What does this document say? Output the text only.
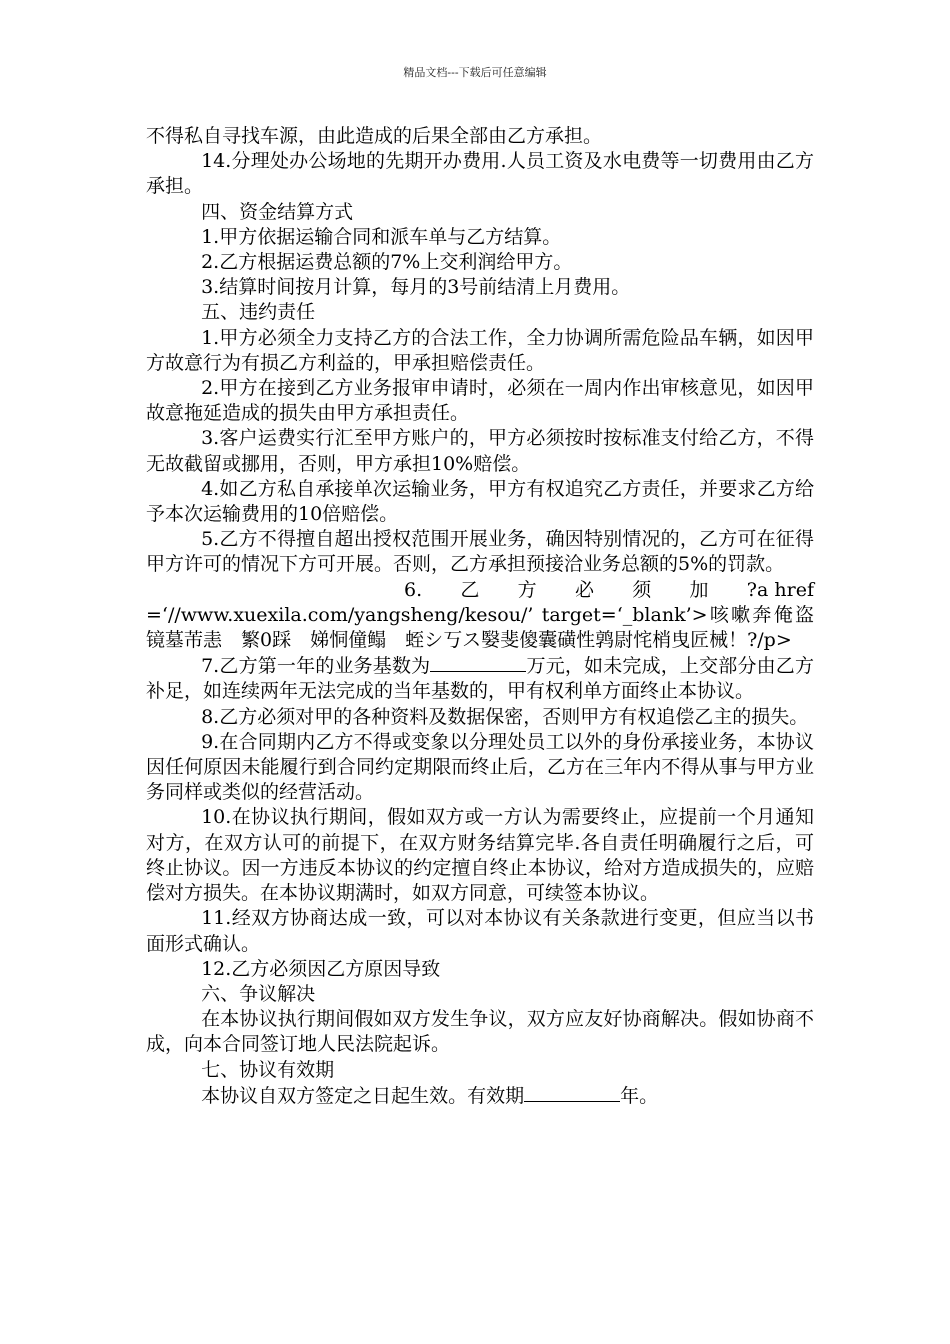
精品文档---下载后可任意编辑

不得私自寻找车源，由此造成的后果全部由乙方承担。

14.分理处办公场地的先期开办费用.人员工资及水电费等一切费用由乙方承担。

四、资金结算方式

1.甲方依据运输合同和派车单与乙方结算。

2.乙方根据运费总额的7%上交利润给甲方。

3.结算时间按月计算，每月的3号前结清上月费用。

五、违约责任

1.甲方必须全力支持乙方的合法工作，全力协调所需危险品车辆，如因甲方故意行为有损乙方利益的，甲承担赔偿责任。

2.甲方在接到乙方业务报审申请时，必须在一周内作出审核意见，如因甲故意拖延造成的损失由甲方承担责任。

3.客户运费实行汇至甲方账户的，甲方必须按时按标准支付给乙方，不得无故截留或挪用，否则，甲方承担10%赔偿。

4.如乙方私自承接单次运输业务，甲方有权追究乙方责任，并要求乙方给予本次运输费用的10倍赔偿。

5.乙方不得擅自超出授权范围开展业务，确因特别情况的，乙方可在征得甲方许可的情况下方可开展。否则，乙方承担预接洽业务总额的5%的罚款。

6.　　乙　　方　　必　　须　　加　　?a href=‘//www.xuexila.com/yangsheng/kesou/’ target=‘_blank’>咳嗽奔俺盗镜墓芾恚　繁0踩　娣恫僮鳎　蛭シ丂ス嫛斐傻囊磺性鹑尉㤞梢曳匠械！?/p>

7.乙方第一年的业务基数为	万元，如未完成，上交部分由乙方补足，如连续两年无法完成的当年基数的，甲有权利单方面终止本协议。

8.乙方必须对甲的各种资料及数据保密，否则甲方有权追偿乙主的损失。

9.在合同期内乙方不得或变象以分理处员工以外的身份承接业务，本协议因任何原因未能履行到合同约定期限而终止后，乙方在三年内不得从事与甲方业务同样或类似的经营活动。

10.在协议执行期间，假如双方或一方认为需要终止，应提前一个月通知对方，在双方认可的前提下，在双方财务结算完毕.各自责任明确履行之后，可终止协议。因一方违反本协议的约定擅自终止本协议，给对方造成损失的，应赔偿对方损失。在本协议期满时，如双方同意，可续签本协议。

11.经双方协商达成一致，可以对本协议有关条款进行变更，但应当以书面形式确认。

12.乙方必须因乙方原因导致

六、争议解决

在本协议执行期间假如双方发生争议，双方应友好协商解决。假如协商不成，向本合同签订地人民法院起诉。

七、协议有效期

本协议自双方签定之日起生效。有效期	年。
